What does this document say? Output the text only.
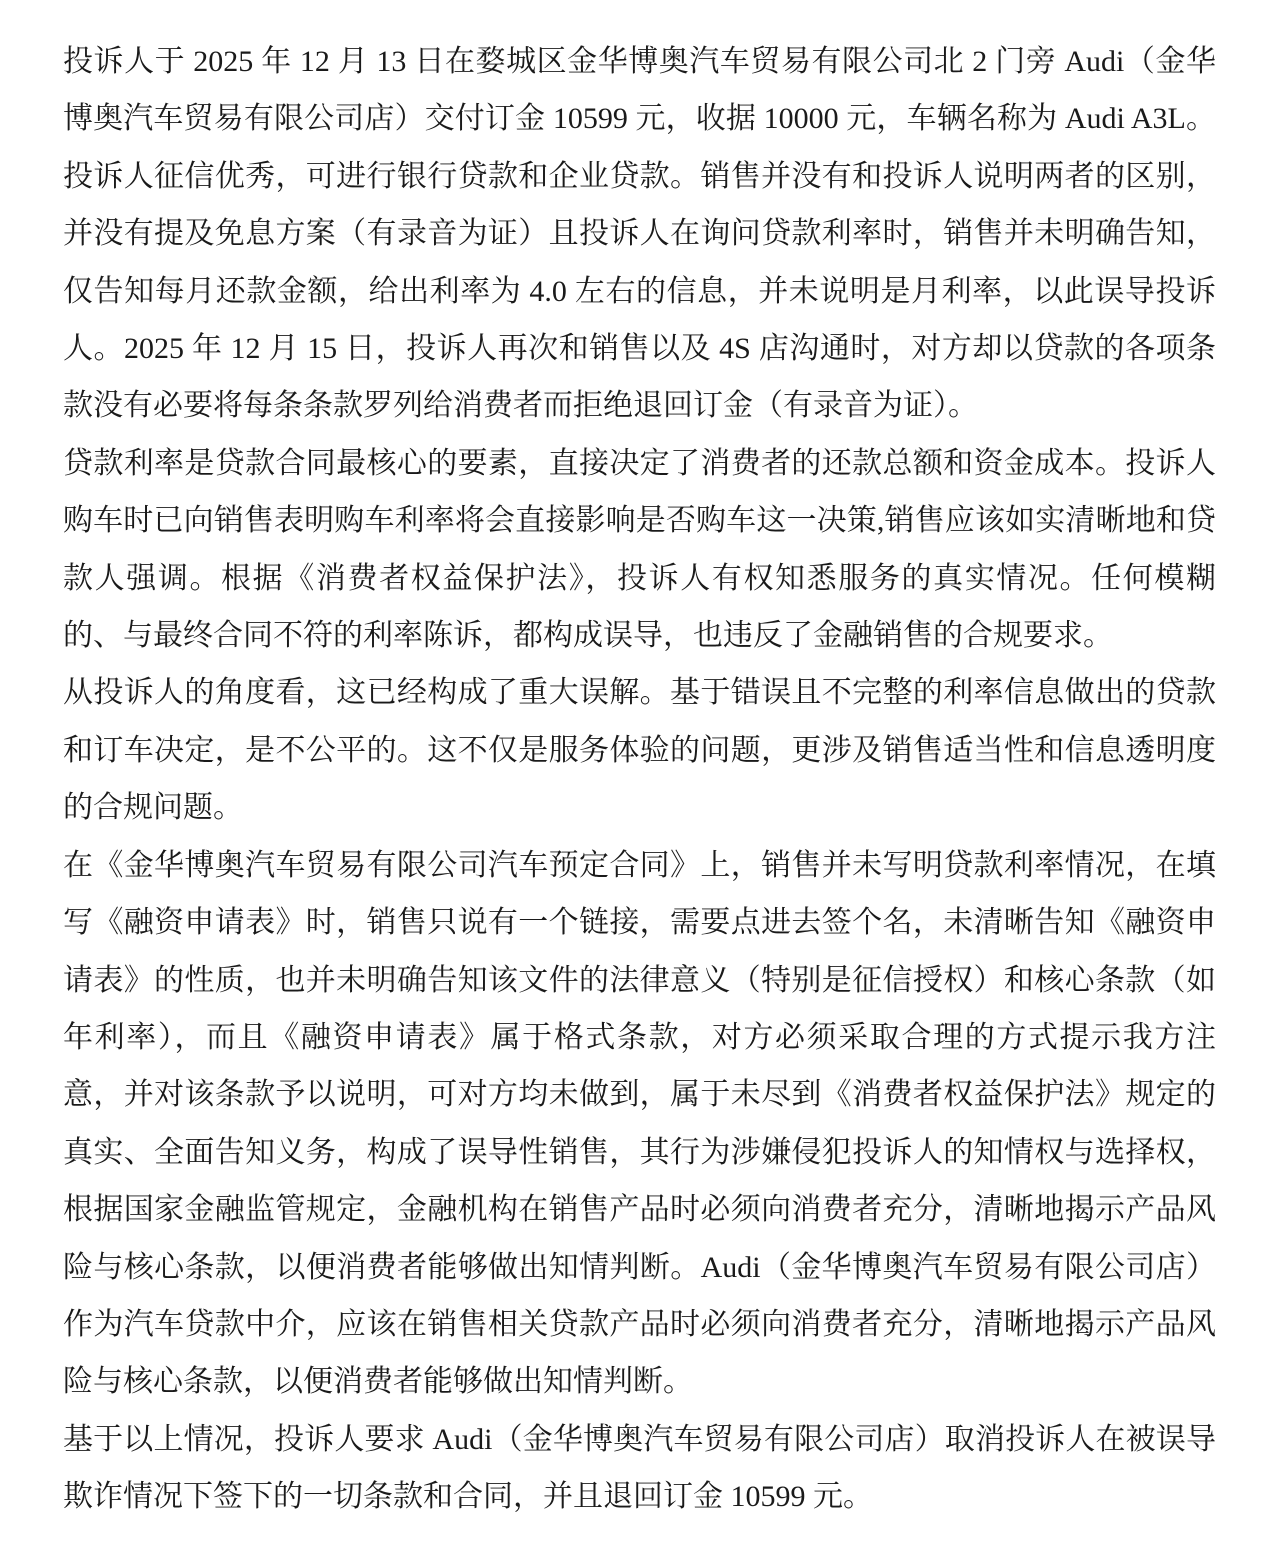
投诉人于 2025 年 12 月 13 日在婺城区金华博奥汽车贸易有限公司北 2 门旁 Audi（金华博奥汽车贸易有限公司店）交付订金 10599 元，收据 10000 元，车辆名称为 Audi A3L。投诉人征信优秀，可进行银行贷款和企业贷款。销售并没有和投诉人说明两者的区别，并没有提及免息方案（有录音为证）且投诉人在询问贷款利率时，销售并未明确告知，仅告知每月还款金额，给出利率为 4.0 左右的信息，并未说明是月利率，以此误导投诉人。2025 年 12 月 15 日，投诉人再次和销售以及 4S 店沟通时，对方却以贷款的各项条款没有必要将每条条款罗列给消费者而拒绝退回订金（有录音为证）。

贷款利率是贷款合同最核心的要素，直接决定了消费者的还款总额和资金成本。投诉人购车时已向销售表明购车利率将会直接影响是否购车这一决策,销售应该如实清晰地和贷款人强调。根据《消费者权益保护法》，投诉人有权知悉服务的真实情况。任何模糊的、与最终合同不符的利率陈诉，都构成误导，也违反了金融销售的合规要求。

从投诉人的角度看，这已经构成了重大误解。基于错误且不完整的利率信息做出的贷款和订车决定，是不公平的。这不仅是服务体验的问题，更涉及销售适当性和信息透明度的合规问题。

在《金华博奥汽车贸易有限公司汽车预定合同》上，销售并未写明贷款利率情况，在填写《融资申请表》时，销售只说有一个链接，需要点进去签个名，未清晰告知《融资申请表》的性质，也并未明确告知该文件的法律意义（特别是征信授权）和核心条款（如年利率），而且《融资申请表》属于格式条款，对方必须采取合理的方式提示我方注意，并对该条款予以说明，可对方均未做到，属于未尽到《消费者权益保护法》规定的真实、全面告知义务，构成了误导性销售，其行为涉嫌侵犯投诉人的知情权与选择权，根据国家金融监管规定，金融机构在销售产品时必须向消费者充分，清晰地揭示产品风险与核心条款，以便消费者能够做出知情判断。Audi（金华博奥汽车贸易有限公司店）作为汽车贷款中介，应该在销售相关贷款产品时必须向消费者充分，清晰地揭示产品风险与核心条款，以便消费者能够做出知情判断。

基于以上情况，投诉人要求 Audi（金华博奥汽车贸易有限公司店）取消投诉人在被误导欺诈情况下签下的一切条款和合同，并且退回订金 10599 元。
